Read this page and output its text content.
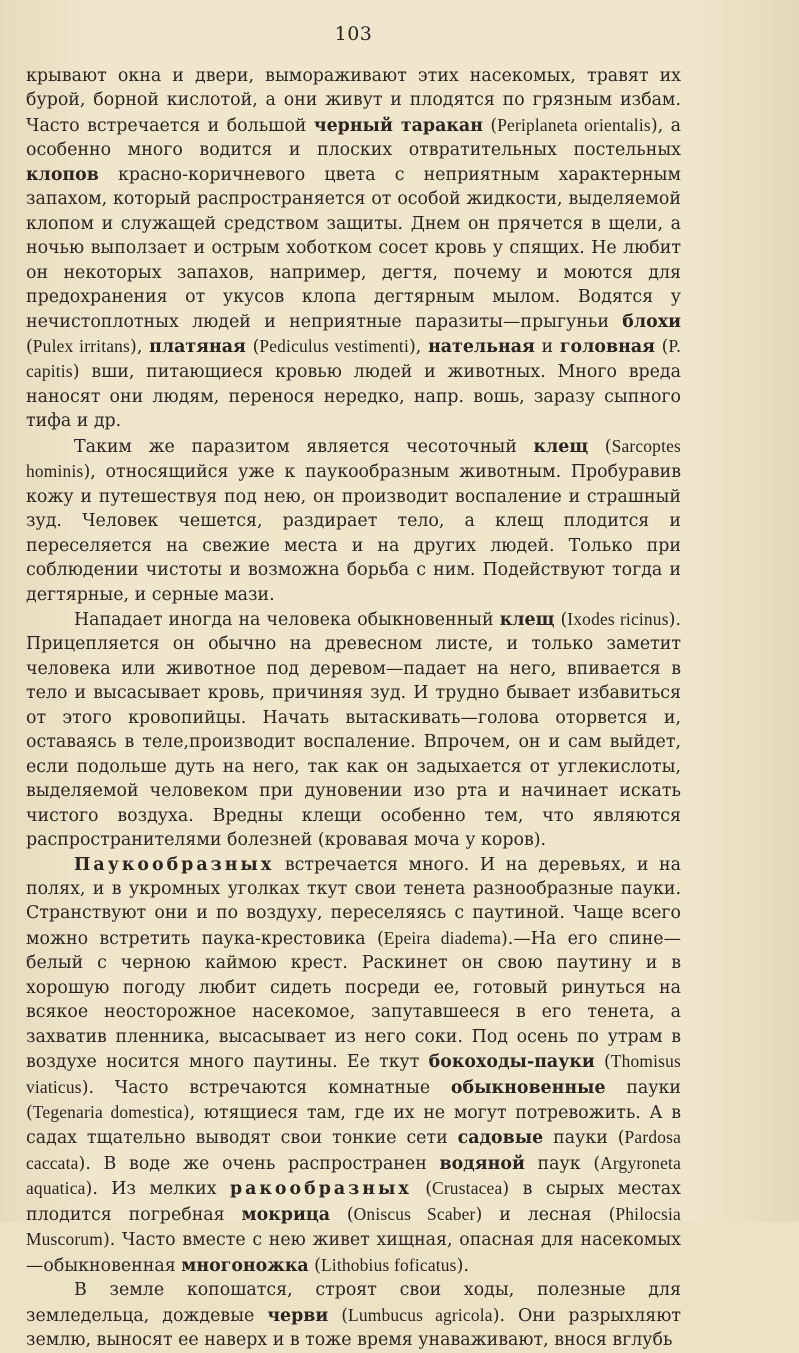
103

крывают окна и двери, вымораживают этих насекомых, травят их бурой, борной кислотой, а они живут и плодятся по грязным избам. Часто встречается и большой черный таракан (Periplaneta orientalis), а особенно много водится и плоских отвратительных постельных клопов красно-коричневого цвета с неприятным характерным запахом, который распространяется от особой жидкости, выделяемой клопом и служащей средством защиты. Днем он прячется в щели, а ночью выползает и острым хоботком сосет кровь у спящих. Не любит он некоторых запахов, например, дегтя, почему и моются для предохранения от укусов клопа дегтярным мылом. Водятся у нечистоплотных людей и неприятные паразиты—прыгуньи блохи (Pulex irritans), платяная (Pediculus vestimenti), нательная и головная (P. capitis) вши, питающиеся кровью людей и животных. Много вреда наносят они людям, перенося нередко, напр. вошь, заразу сыпного тифа и др.

Таким же паразитом является чесоточный клещ (Sarcoptes hominis), относящийся уже к паукообразным животным. Пробуравив кожу и путешествуя под нею, он производит воспаление и страшный зуд. Человек чешется, раздирает тело, а клещ плодится и переселяется на свежие места и на других людей. Только при соблюдении чистоты и возможна борьба с ним. Подействуют тогда и дегтярные, и серные мази.

Нападает иногда на человека обыкновенный клещ (Ixodes ricinus). Прицепляется он обычно на древесном листе, и только заметит человека или животное под деревом—падает на него, впивается в тело и высасывает кровь, причиняя зуд. И трудно бывает избавиться от этого кровопийцы. Начать вытаскивать—голова оторвется и, оставаясь в теле,производит воспаление. Впрочем, он и сам выйдет, если подольше дуть на него, так как он задыхается от углекислоты, выделяемой человеком при дуновении изо рта и начинает искать чистого воздуха. Вредны клещи особенно тем, что являются распространителями болезней (кровавая моча у коров).

Паукообразных встречается много. И на деревьях, и на полях, и в укромных уголках ткут свои тенета разнообразные пауки. Странствуют они и по воздуху, переселяясь с паутиной. Чаще всего можно встретить паука-крестовика (Epeira diadema).—На его спине—белый с черною каймою крест. Раскинет он свою паутину и в хорошую погоду любит сидеть посреди ее, готовый ринуться на всякое неосторожное насекомое, запутавшееся в его тенета, а захватив пленника, высасывает из него соки. Под осень по утрам в воздухе носится много паутины. Ее ткут бокоходы-пауки (Thomisus viaticus). Часто встречаются комнатные обыкновенные пауки (Tegenaria domestica), ютящиеся там, где их не могут потревожить. А в садах тщательно выводят свои тонкие сети садовые пауки (Pardosa caccata). В воде же очень распространен водяной паук (Argyroneta aquatica). Из мелких ракообразных (Crustacea) в сырых местах плодится погребная мокрица (Oniscus Scaber) и лесная (Philocsia Muscorum). Часто вместе с нею живет хищная, опасная для насекомых—обыкновенная многоножка (Lithobius foficatus).

В земле копошатся, строят свои ходы, полезные для земледельца, дождевые черви (Lumbucus agricola). Они разрыхляют землю, выносят ее наверх и в тоже время унаваживают, внося вглубь
